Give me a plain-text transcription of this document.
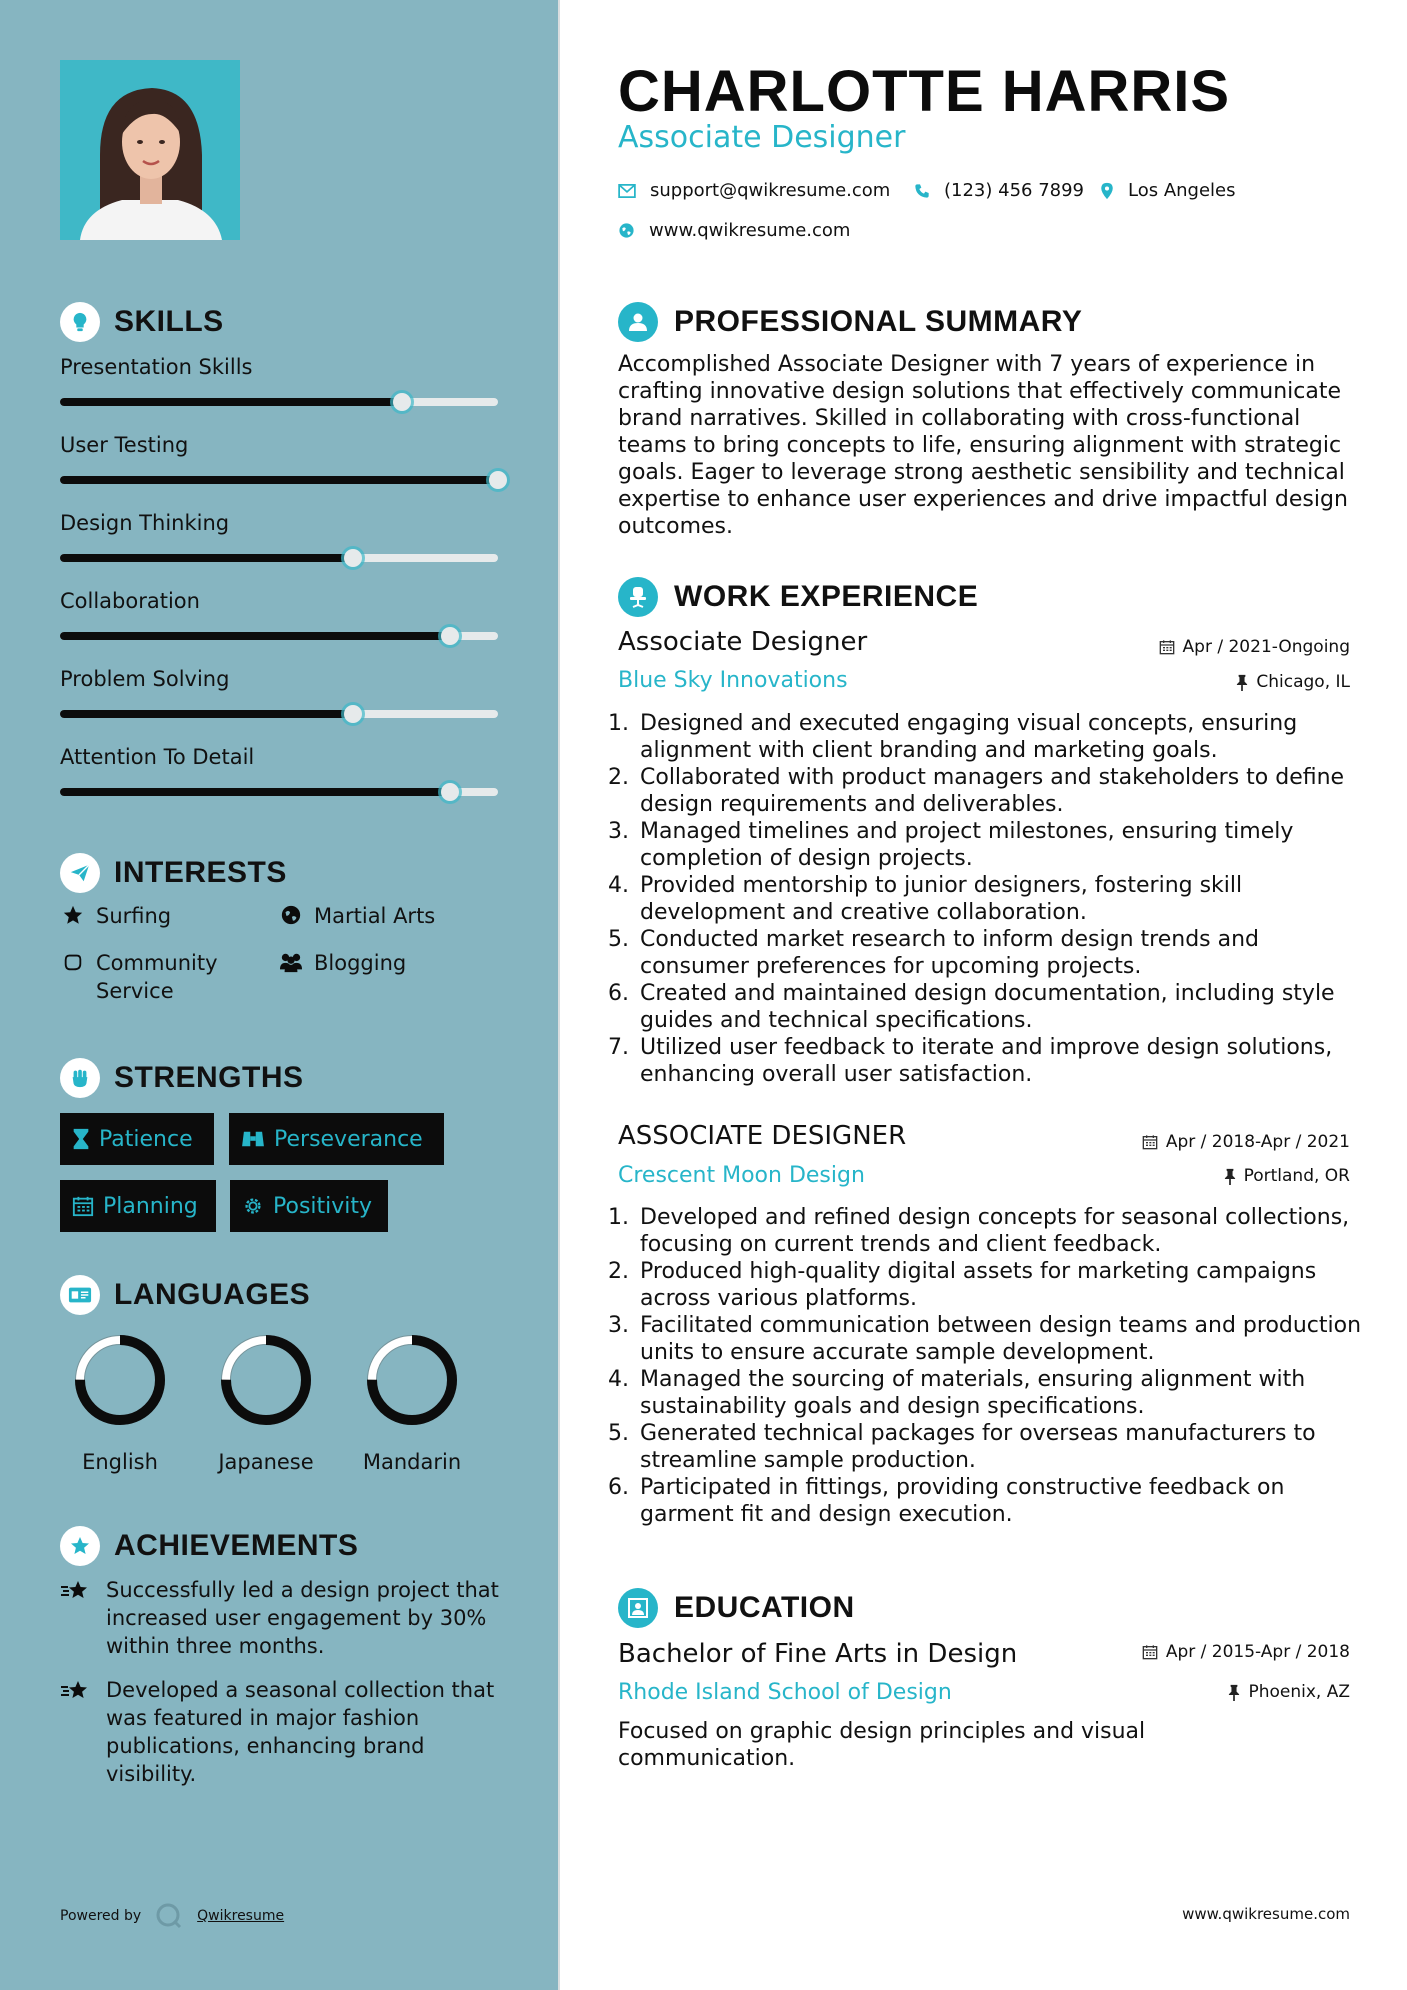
SKILLS
Presentation Skills
User Testing
Design Thinking
Collaboration
Problem Solving
Attention To Detail
INTERESTS
Surfing	Martial Arts
Community Service
Blogging
STRENGTHS
Patience	Perseverance
Planning	Positivity
LANGUAGES
English	Japanese	Mandarin
ACHIEVEMENTS
Successfully led a design project that increased user engagement by 30% within three months.
Developed a seasonal collection that was featured in major fashion publications, enhancing brand visibility.
Powered by	Qwikresume
CHARLOTTE HARRIS
Associate Designer
support@qwikresume.com	(123) 456 7899 Los Angeles
www.qwikresume.com
PROFESSIONAL SUMMARY
Accomplished Associate Designer with 7 years of experience in crafting innovative design solutions that effectively communicate brand narratives. Skilled in collaborating with cross-functional teams to bring concepts to life, ensuring alignment with strategic goals. Eager to leverage strong aesthetic sensibility and technical expertise to enhance user experiences and drive impactful design outcomes.
WORK EXPERIENCE
Associate Designer
Blue Sky Innovations
Apr / 2021-Ongoing
Chicago, IL
1. Designed and executed engaging visual concepts, ensuring alignment with client branding and marketing goals.
2. Collaborated with product managers and stakeholders to define design requirements and deliverables.
3. Managed timelines and project milestones, ensuring timely completion of design projects.
4. Provided mentorship to junior designers, fostering skill development and creative collaboration.
5. Conducted market research to inform design trends and consumer preferences for upcoming projects.
6. Created and maintained design documentation, including style guides and technical specifications.
7. Utilized user feedback to iterate and improve design solutions, enhancing overall user satisfaction.
ASSOCIATE DESIGNER
Crescent Moon Design
Apr / 2018-Apr / 2021
Portland, OR
1. Developed and refined design concepts for seasonal collections, focusing on current trends and client feedback.
2. Produced high-quality digital assets for marketing campaigns across various platforms.
3. Facilitated communication between design teams and production units to ensure accurate sample development.
4. Managed the sourcing of materials, ensuring alignment with sustainability goals and design specifications.
5. Generated technical packages for overseas manufacturers to streamline sample production.
6. Participated in fittings, providing constructive feedback on garment fit and design execution.
EDUCATION
Bachelor of Fine Arts in Design
Rhode Island School of Design
Apr / 2015-Apr / 2018
Phoenix, AZ
Focused on graphic design principles and visual communication.
www.qwikresume.com
